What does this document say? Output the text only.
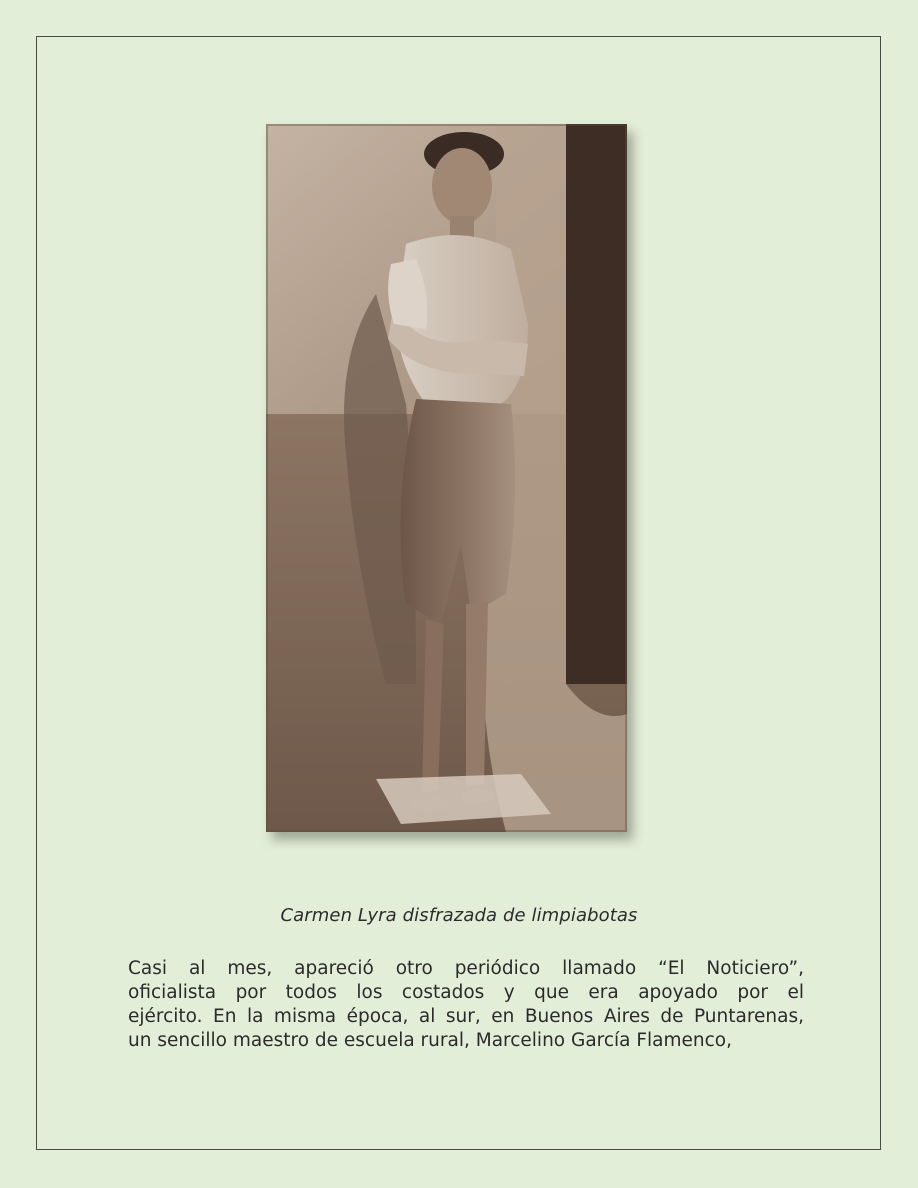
Carmen Lyra disfrazada de limpiabotas
Casi al mes, apareció otro periódico llamado “El Noticiero”,
oficialista por todos los costados y que era apoyado por el
ejército. En la misma época, al sur, en Buenos Aires de Puntarenas,
un sencillo maestro de escuela rural, Marcelino García Flamenco,
